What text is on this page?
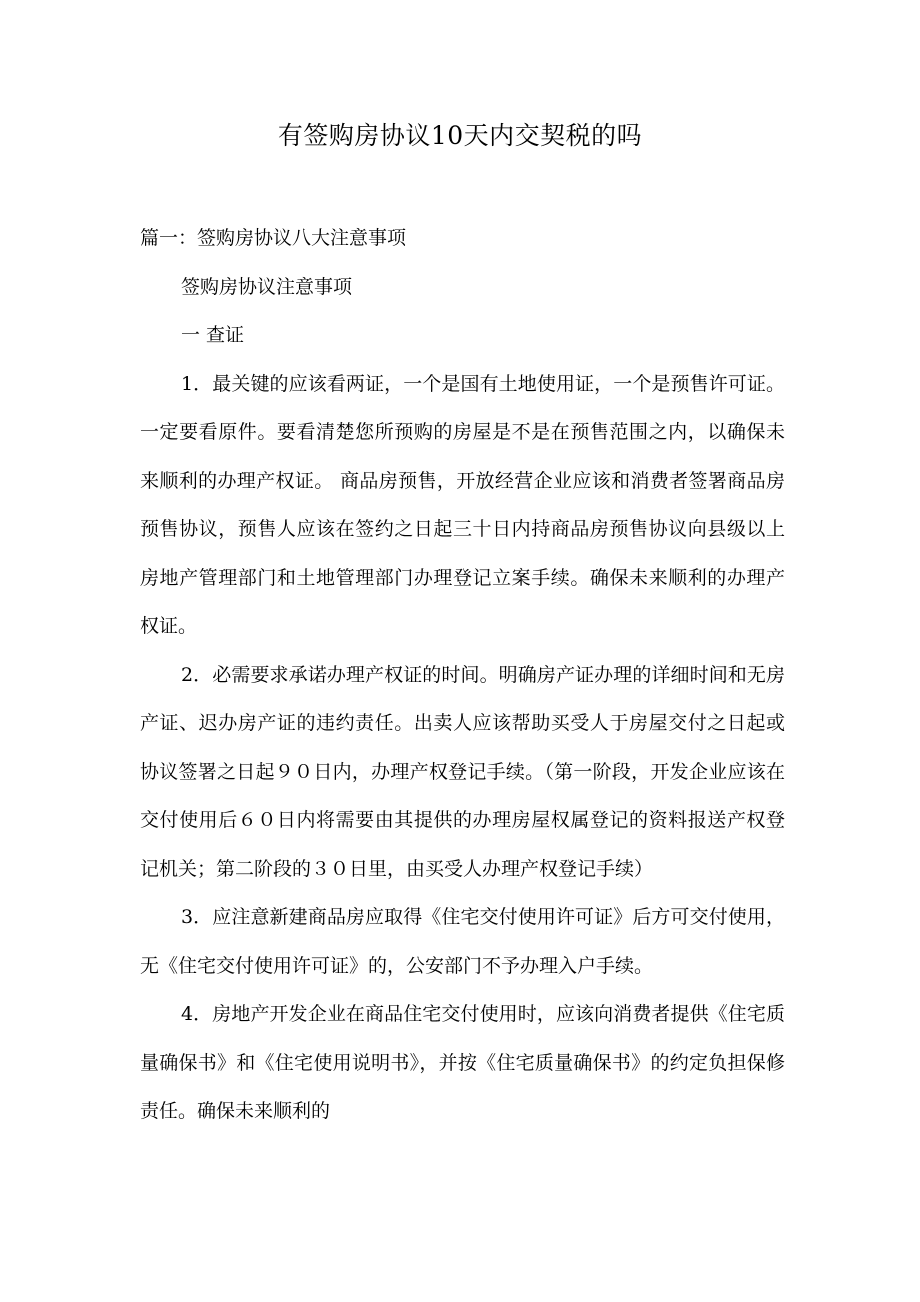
有签购房协议10天内交契税的吗

篇一：签购房协议八大注意事项

签购房协议注意事项

一 查证

1．最关键的应该看两证，一个是国有土地使用证，一个是预售许可证。一定要看原件。要看清楚您所预购的房屋是不是在预售范围之内，以确保未来顺利的办理产权证。 商品房预售，开放经营企业应该和消费者签署商品房预售协议，预售人应该在签约之日起三十日内持商品房预售协议向县级以上房地产管理部门和土地管理部门办理登记立案手续。确保未来顺利的办理产权证。

2．必需要求承诺办理产权证的时间。明确房产证办理的详细时间和无房产证、迟办房产证的违约责任。出卖人应该帮助买受人于房屋交付之日起或协议签署之日起９０日内，办理产权登记手续。（第一阶段，开发企业应该在交付使用后６０日内将需要由其提供的办理房屋权属登记的资料报送产权登记机关；第二阶段的３０日里，由买受人办理产权登记手续）

3．应注意新建商品房应取得《住宅交付使用许可证》后方可交付使用，无《住宅交付使用许可证》的，公安部门不予办理入户手续。

4．房地产开发企业在商品住宅交付使用时，应该向消费者提供《住宅质量确保书》和《住宅使用说明书》，并按《住宅质量确保书》的约定负担保修责任。确保未来顺利的
